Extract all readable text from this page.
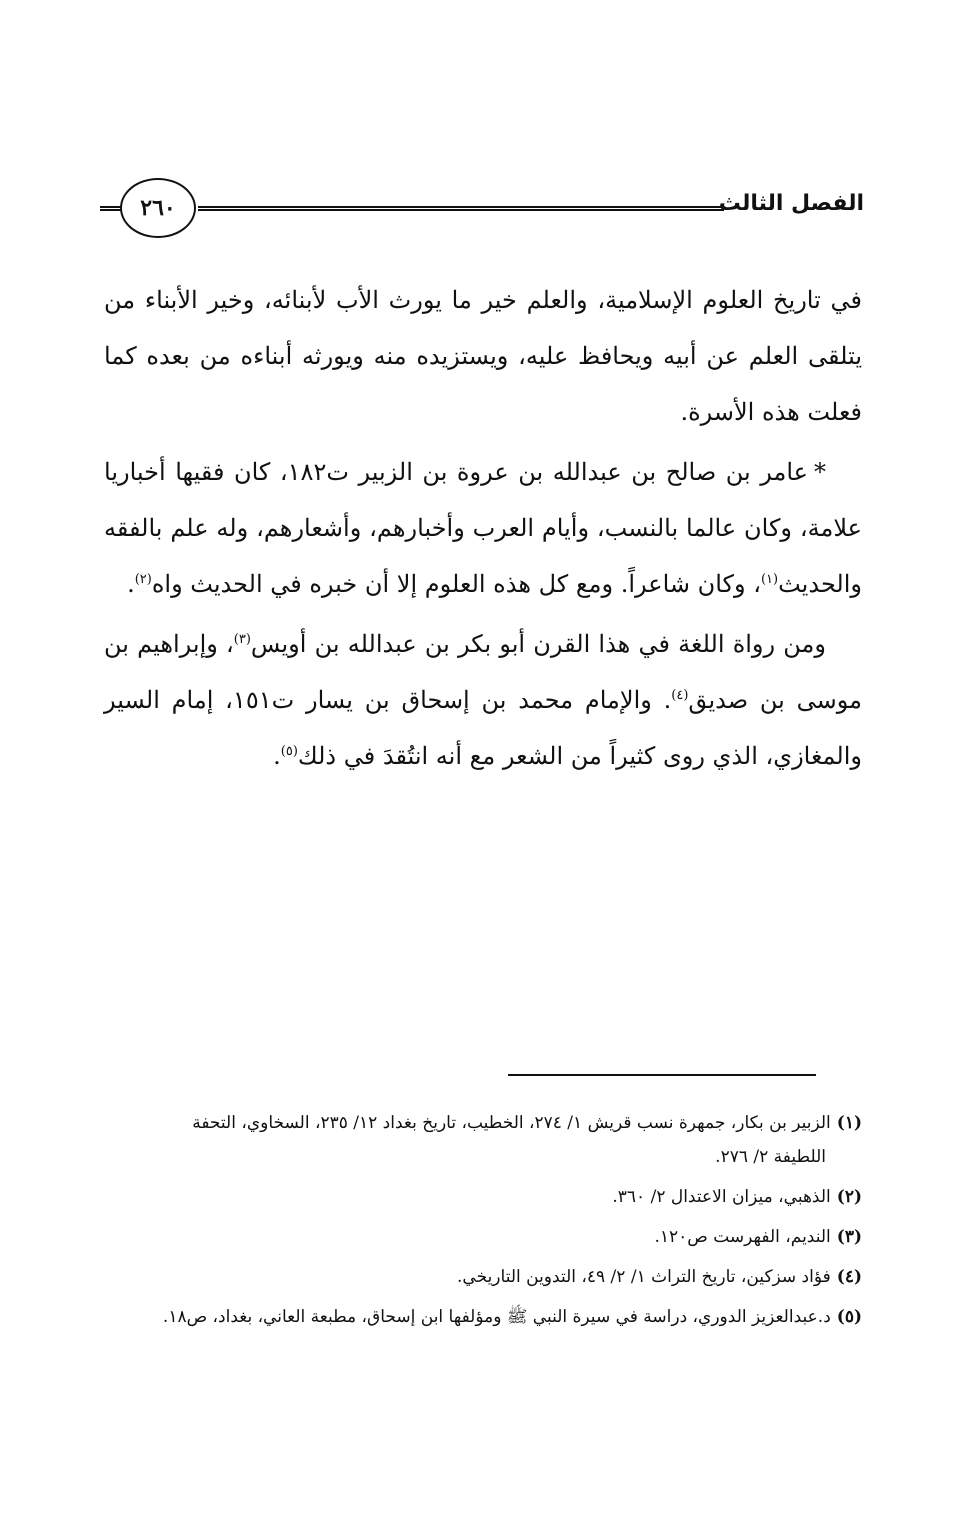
الفصل الثالث
٢٦٠

في تاريخ العلوم الإسلامية، والعلم خير ما يورث الأب لأبنائه، وخير الأبناء من يتلقى العلم عن أبيه ويحافظ عليه، ويستزيده منه ويورثه أبناءه من بعده كما فعلت هذه الأسرة.

*عامر بن صالح بن عبدالله بن عروة بن الزبير ت١٨٢، كان فقيها أخباريا علامة، وكان عالما بالنسب، وأيام العرب وأخبارهم، وأشعارهم، وله علم بالفقه والحديث$^{(١)}$، وكان شاعراً. ومع كل هذه العلوم إلا أن خبره في الحديث واه$^{(٢)}$.

ومن رواة اللغة في هذا القرن أبو بكر بن عبدالله بن أويس$^{(٣)}$، وإبراهيم بن موسى بن صديق$^{(٤)}$. والإمام محمد بن إسحاق بن يسار ت١٥١، إمام السير والمغازي، الذي روى كثيراً من الشعر مع أنه انتُقدَ في ذلك$^{(٥)}$.

(١)الزبير بن بكار، جمهرة نسب قريش ١/ ٢٧٤، الخطيب، تاريخ بغداد ١٢/ ٢٣٥، السخاوي، التحفة
اللطيفة ٢/ ٢٧٦.

(٢)الذهبي، ميزان الاعتدال ٢/ ٣٦٠.

(٣)النديم، الفهرست ص١٢٠.

(٤)فؤاد سزكين، تاريخ التراث ١/ ٢/ ٤٩، التدوين التاريخي.

(٥)د.عبدالعزيز الدوري، دراسة في سيرة النبي ﷺ ومؤلفها ابن إسحاق، مطبعة العاني، بغداد، ص١٨.
